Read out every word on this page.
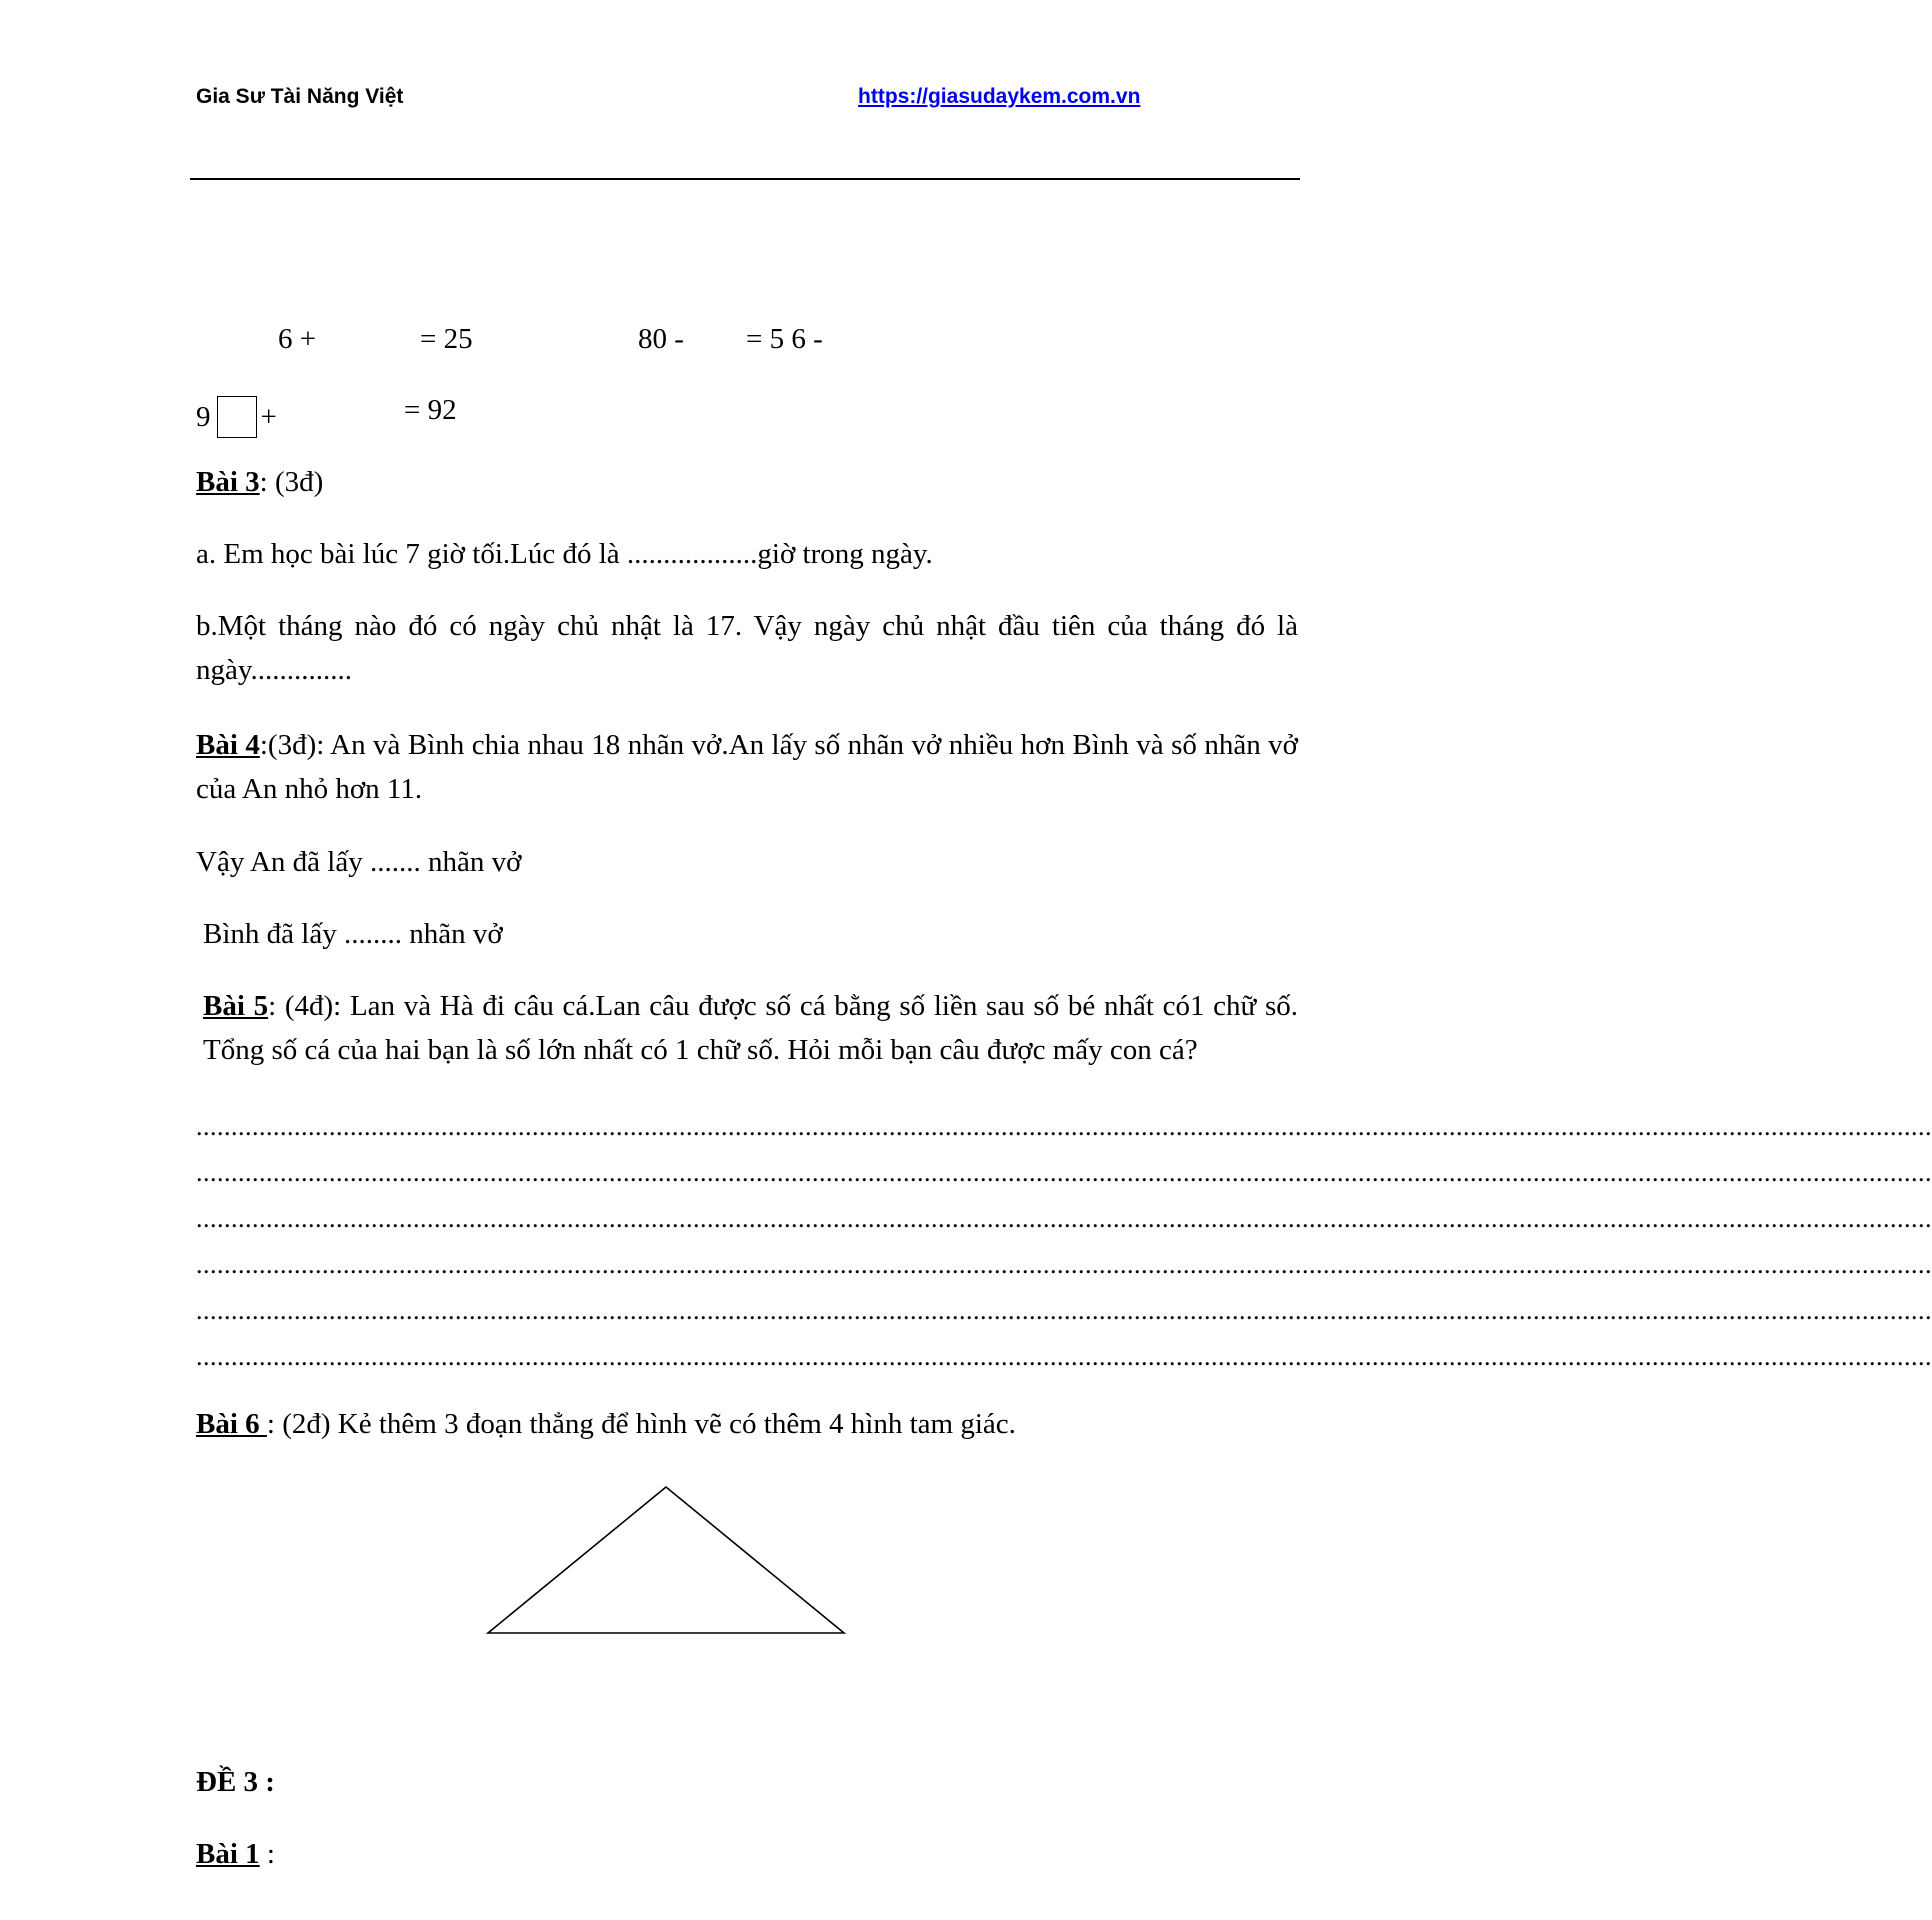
Gia Sư Tài Năng Việt	https://giasudaykem.com.vn
6 +	= 25	80 - = 5 6 -
9 +	= 92
Bài 3: (3đ)
a. Em học bài lúc 7 giờ tối.Lúc đó là ..................giờ trong ngày.
b.Một tháng nào đó có ngày chủ nhật là 17. Vậy ngày chủ nhật đầu tiên của tháng đó là ngày..............
Bài 4:(3đ): An và Bình chia nhau 18 nhãn vở.An lấy số nhãn vở nhiều hơn Bình và số nhãn vở của An nhỏ hơn 11.
Vậy An đã lấy ....... nhãn vở
Bình đã lấy ........ nhãn vở
Bài 5: (4đ): Lan và Hà đi câu cá.Lan câu được số cá bằng số liền sau số bé nhất có1 chữ số. Tổng số cá của hai bạn là số lớn nhất có 1 chữ số. Hỏi mỗi bạn câu được mấy con cá?
........................................................................................................................................................................................................................................................
........................................................................................................................................................................................................................................................
........................................................................................................................................................................................................................................................
........................................................................................................................................................................................................................................................
........................................................................................................................................................................................................................................................
........................................................................................................................................................................................................................................................
Bài 6 : (2đ) Kẻ thêm 3 đoạn thẳng để hình vẽ có thêm 4 hình tam giác.
ĐỀ 3 :
Bài 1 :
